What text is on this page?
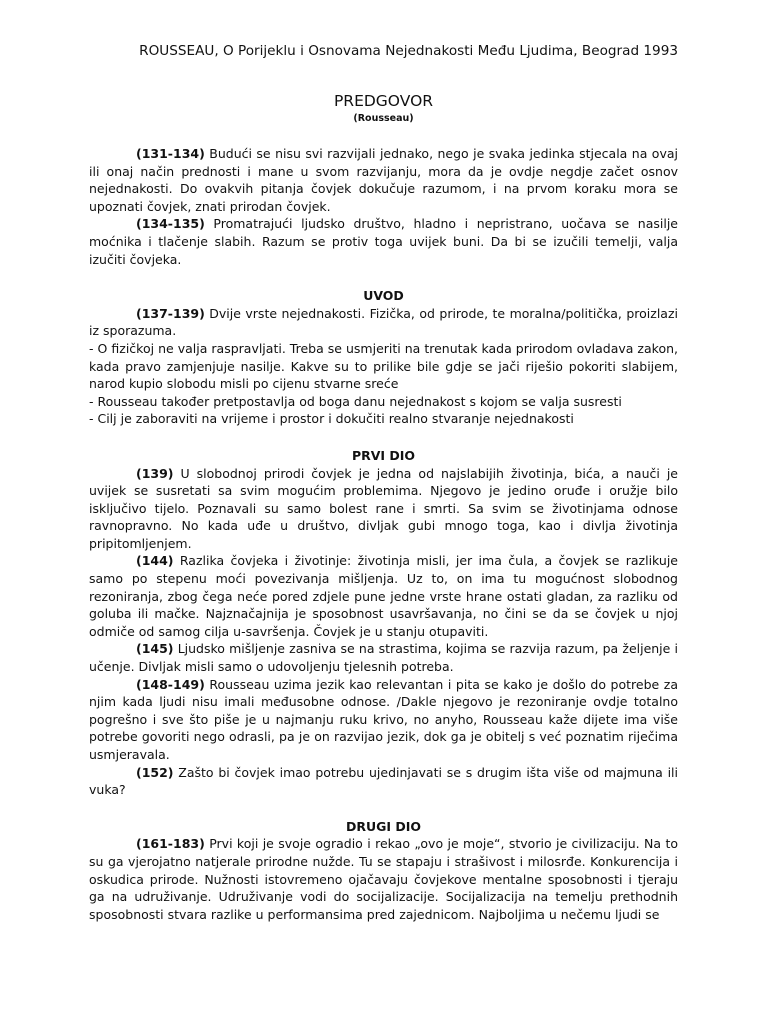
ROUSSEAU, O Porijeklu i Osnovama Nejednakosti Među Ljudima, Beograd 1993

PREDGOVOR
(Rousseau)

(131-134) Budući se nisu svi razvijali jednako, nego je svaka jedinka stjecala na ovaj ili onaj način prednosti i mane u svom razvijanju, mora da je ovdje negdje začet osnov nejednakosti. Do ovakvih pitanja čovjek dokučuje razumom, i na prvom koraku mora se upoznati čovjek, znati prirodan čovjek.

(134-135) Promatrajući ljudsko društvo, hladno i nepristrano, uočava se nasilje moćnika i tlačenje slabih. Razum se protiv toga uvijek buni. Da bi se izučili temelji, valja izučiti čovjeka.

UVOD

(137-139) Dvije vrste nejednakosti. Fizička, od prirode, te moralna/politička, proizlazi iz sporazuma.

- O fizičkoj ne valja raspravljati. Treba se usmjeriti na trenutak kada prirodom ovladava zakon, kada pravo zamjenjuje nasilje. Kakve su to prilike bile gdje se jači riješio pokoriti slabijem, narod kupio slobodu misli po cijenu stvarne sreće

- Rousseau također pretpostavlja od boga danu nejednakost s kojom se valja susresti

- Cilj je zaboraviti na vrijeme i prostor i dokučiti realno stvaranje nejednakosti

PRVI DIO

(139) U slobodnoj prirodi čovjek je jedna od najslabijih životinja, bića, a nauči je uvijek se susretati sa svim mogućim problemima. Njegovo je jedino oruđe i oružje bilo isključivo tijelo. Poznavali su samo bolest rane i smrti. Sa svim se životinjama odnose ravnopravno. No kada uđe u društvo, divljak gubi mnogo toga, kao i divlja životinja pripitomljenjem.

(144) Razlika čovjeka i životinje: životinja misli, jer ima čula, a čovjek se razlikuje samo po stepenu moći povezivanja mišljenja. Uz to, on ima tu mogućnost slobodnog rezoniranja, zbog čega neće pored zdjele pune jedne vrste hrane ostati gladan, za razliku od goluba ili mačke. Najznačajnija je sposobnost usavršavanja, no čini se da se čovjek u njoj odmiče od samog cilja u-savršenja. Čovjek je u stanju otupaviti.

(145) Ljudsko mišljenje zasniva se na strastima, kojima se razvija razum, pa željenje i učenje. Divljak misli samo o udovoljenju tjelesnih potreba.

(148-149) Rousseau uzima jezik kao relevantan i pita se kako je došlo do potrebe za njim kada ljudi nisu imali međusobne odnose. /Dakle njegovo je rezoniranje ovdje totalno pogrešno i sve što piše je u najmanju ruku krivo, no anyho, Rousseau kaže dijete ima više potrebe govoriti nego odrasli, pa je on razvijao jezik, dok ga je obitelj s već poznatim riječima usmjeravala.

(152) Zašto bi čovjek imao potrebu ujedinjavati se s drugim išta više od majmuna ili vuka?

DRUGI DIO

(161-183) Prvi koji je svoje ogradio i rekao „ovo je moje“, stvorio je civilizaciju. Na to su ga vjerojatno natjerale prirodne nužde. Tu se stapaju i strašivost i milosrđe. Konkurencija i oskudica prirode. Nužnosti istovremeno ojačavaju čovjekove mentalne sposobnosti i tjeraju ga na udruživanje. Udruživanje vodi do socijalizacije. Socijalizacija na temelju prethodnih sposobnosti stvara razlike u performansima pred zajednicom. Najboljima u nečemu ljudi se
